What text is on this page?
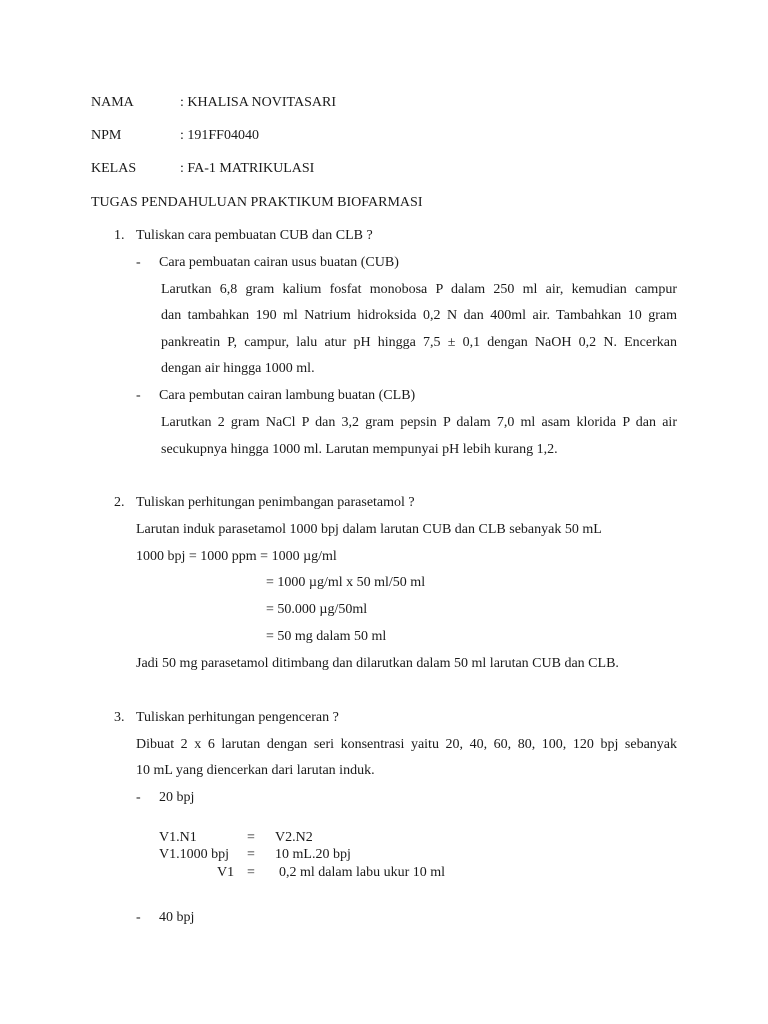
NAMA	: KHALISA NOVITASARI
NPM	: 191FF04040
KELAS	: FA-1 MATRIKULASI
TUGAS PENDAHULUAN PRAKTIKUM BIOFARMASI
1. Tuliskan cara pembuatan CUB dan CLB ?
- Cara pembuatan cairan usus buatan (CUB)
Larutkan 6,8 gram kalium fosfat monobosa P dalam 250 ml air, kemudian campur
dan tambahkan 190 ml Natrium hidroksida 0,2 N dan 400ml air. Tambahkan 10 gram
pankreatin P, campur, lalu atur pH hingga 7,5 ± 0,1 dengan NaOH 0,2 N. Encerkan
dengan air hingga 1000 ml.
- Cara pembutan cairan lambung buatan (CLB)
Larutkan 2 gram NaCl P dan 3,2 gram pepsin P dalam 7,0 ml asam klorida P dan air
secukupnya hingga 1000 ml. Larutan mempunyai pH lebih kurang 1,2.
2. Tuliskan perhitungan penimbangan parasetamol ?
Larutan induk parasetamol 1000 bpj dalam larutan CUB dan CLB sebanyak 50 mL
1000 bpj = 1000 ppm = 1000 µg/ml
= 1000 µg/ml x 50 ml/50 ml
= 50.000 µg/50ml
= 50 mg dalam 50 ml
Jadi 50 mg parasetamol ditimbang dan dilarutkan dalam 50 ml larutan CUB dan CLB.
3. Tuliskan perhitungan pengenceran ?
Dibuat 2 x 6 larutan dengan seri konsentrasi yaitu 20, 40, 60, 80, 100, 120 bpj sebanyak
10 mL yang diencerkan dari larutan induk.
- 20 bpj
V1.N1	= V2.N2
V1.1000 bpj = 10 mL.20 bpj
V1 = 0,2 ml dalam labu ukur 10 ml
- 40 bpj
